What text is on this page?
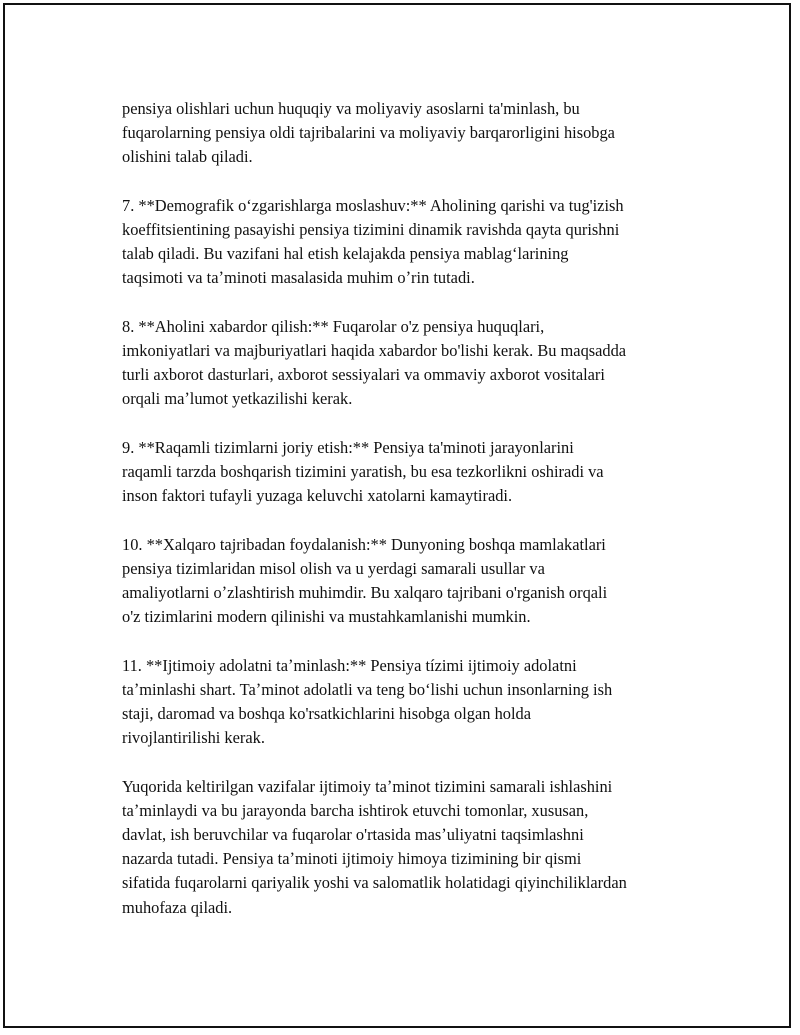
pensiya olishlari uchun huquqiy va moliyaviy asoslarni ta'minlash, bu
fuqarolarning pensiya oldi tajribalarini va moliyaviy barqarorligini hisobga
olishini talab qiladi.

7. **Demografik oʻzgarishlarga moslashuv:** Aholining qarishi va tug'izish
koeffitsientining pasayishi pensiya tizimini dinamik ravishda qayta qurishni
talab qiladi. Bu vazifani hal etish kelajakda pensiya mablagʻlarining
taqsimoti va taʼminoti masalasida muhim oʼrin tutadi.

8. **Aholini xabardor qilish:** Fuqarolar o'z pensiya huquqlari,
imkoniyatlari va majburiyatlari haqida xabardor bo'lishi kerak. Bu maqsadda
turli axborot dasturlari, axborot sessiyalari va ommaviy axborot vositalari
orqali maʼlumot yetkazilishi kerak.

9. **Raqamli tizimlarni joriy etish:** Pensiya ta'minoti jarayonlarini
raqamli tarzda boshqarish tizimini yaratish, bu esa tezkorlikni oshiradi va
inson faktori tufayli yuzaga keluvchi xatolarni kamaytiradi.

10. **Xalqaro tajribadan foydalanish:** Dunyoning boshqa mamlakatlari
pensiya tizimlaridan misol olish va u yerdagi samarali usullar va
amaliyotlarni oʼzlashtirish muhimdir. Bu xalqaro tajribani o'rganish orqali
o'z tizimlarini modern qilinishi va mustahkamlanishi mumkin.

11. **Ijtimoiy adolatni taʼminlash:** Pensiya tízimi ijtimoiy adolatni
taʼminlashi shart. Taʼminot adolatli va teng boʻlishi uchun insonlarning ish
staji, daromad va boshqa ko'rsatkichlarini hisobga olgan holda
rivojlantirilishi kerak.

Yuqorida keltirilgan vazifalar ijtimoiy taʼminot tizimini samarali ishlashini
taʼminlaydi va bu jarayonda barcha ishtirok etuvchi tomonlar, xususan,
davlat, ish beruvchilar va fuqarolar o'rtasida masʼuliyatni taqsimlashni
nazarda tutadi. Pensiya taʼminoti ijtimoiy himoya tizimining bir qismi
sifatida fuqarolarni qariyalik yoshi va salomatlik holatidagi qiyinchiliklardan
muhofaza qiladi.
